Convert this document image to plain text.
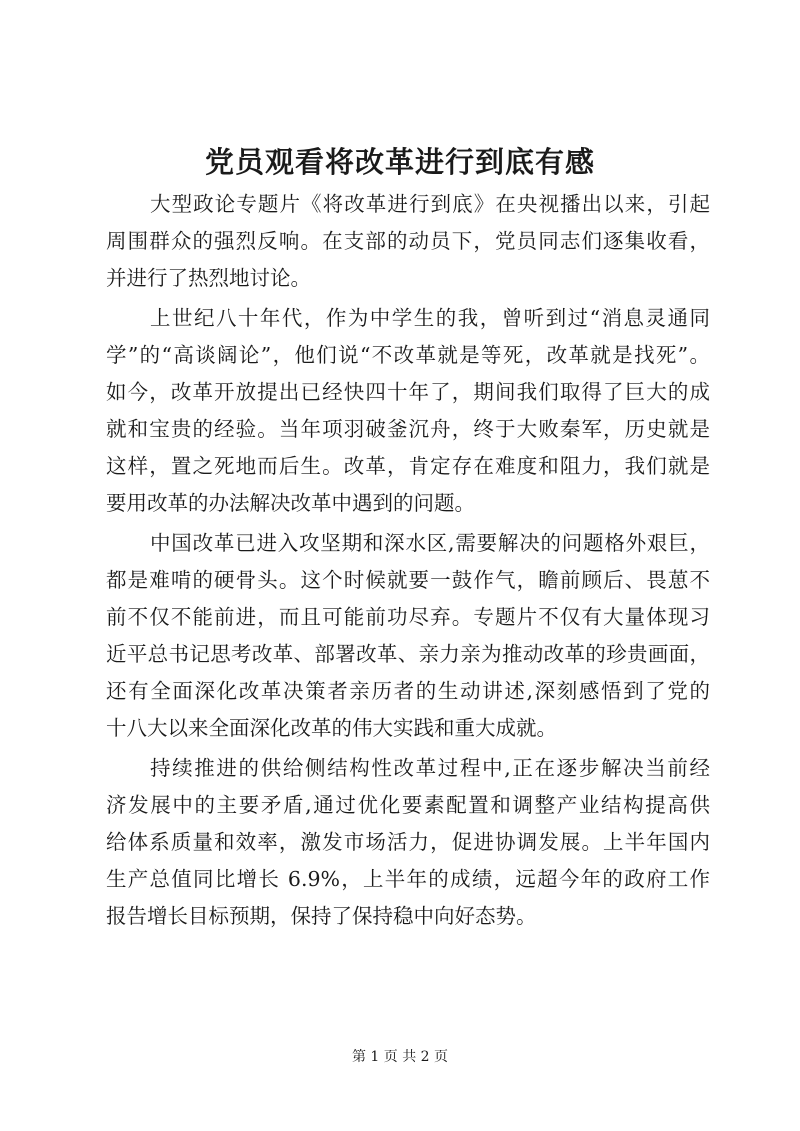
党员观看将改革进行到底有感

大型政论专题片《将改革进行到底》在央视播出以来，引起
周围群众的强烈反响。在支部的动员下，党员同志们逐集收看，
并进行了热烈地讨论。

上世纪八十年代，作为中学生的我，曾听到过“消息灵通同
学”的“高谈阔论”，他们说“不改革就是等死，改革就是找死”。
如今，改革开放提出已经快四十年了，期间我们取得了巨大的成
就和宝贵的经验。当年项羽破釜沉舟，终于大败秦军，历史就是
这样，置之死地而后生。改革，肯定存在难度和阻力，我们就是
要用改革的办法解决改革中遇到的问题。

中国改革已进入攻坚期和深水区,需要解决的问题格外艰巨，
都是难啃的硬骨头。这个时候就要一鼓作气，瞻前顾后、畏葸不
前不仅不能前进，而且可能前功尽弃。专题片不仅有大量体现习
近平总书记思考改革、部署改革、亲力亲为推动改革的珍贵画面，
还有全面深化改革决策者亲历者的生动讲述,深刻感悟到了党的
十八大以来全面深化改革的伟大实践和重大成就。

持续推进的供给侧结构性改革过程中,正在逐步解决当前经
济发展中的主要矛盾,通过优化要素配置和调整产业结构提高供
给体系质量和效率，激发市场活力，促进协调发展。上半年国内
生产总值同比增长 6.9%，上半年的成绩，远超今年的政府工作
报告增长目标预期，保持了保持稳中向好态势。

第 1 页 共 2 页
